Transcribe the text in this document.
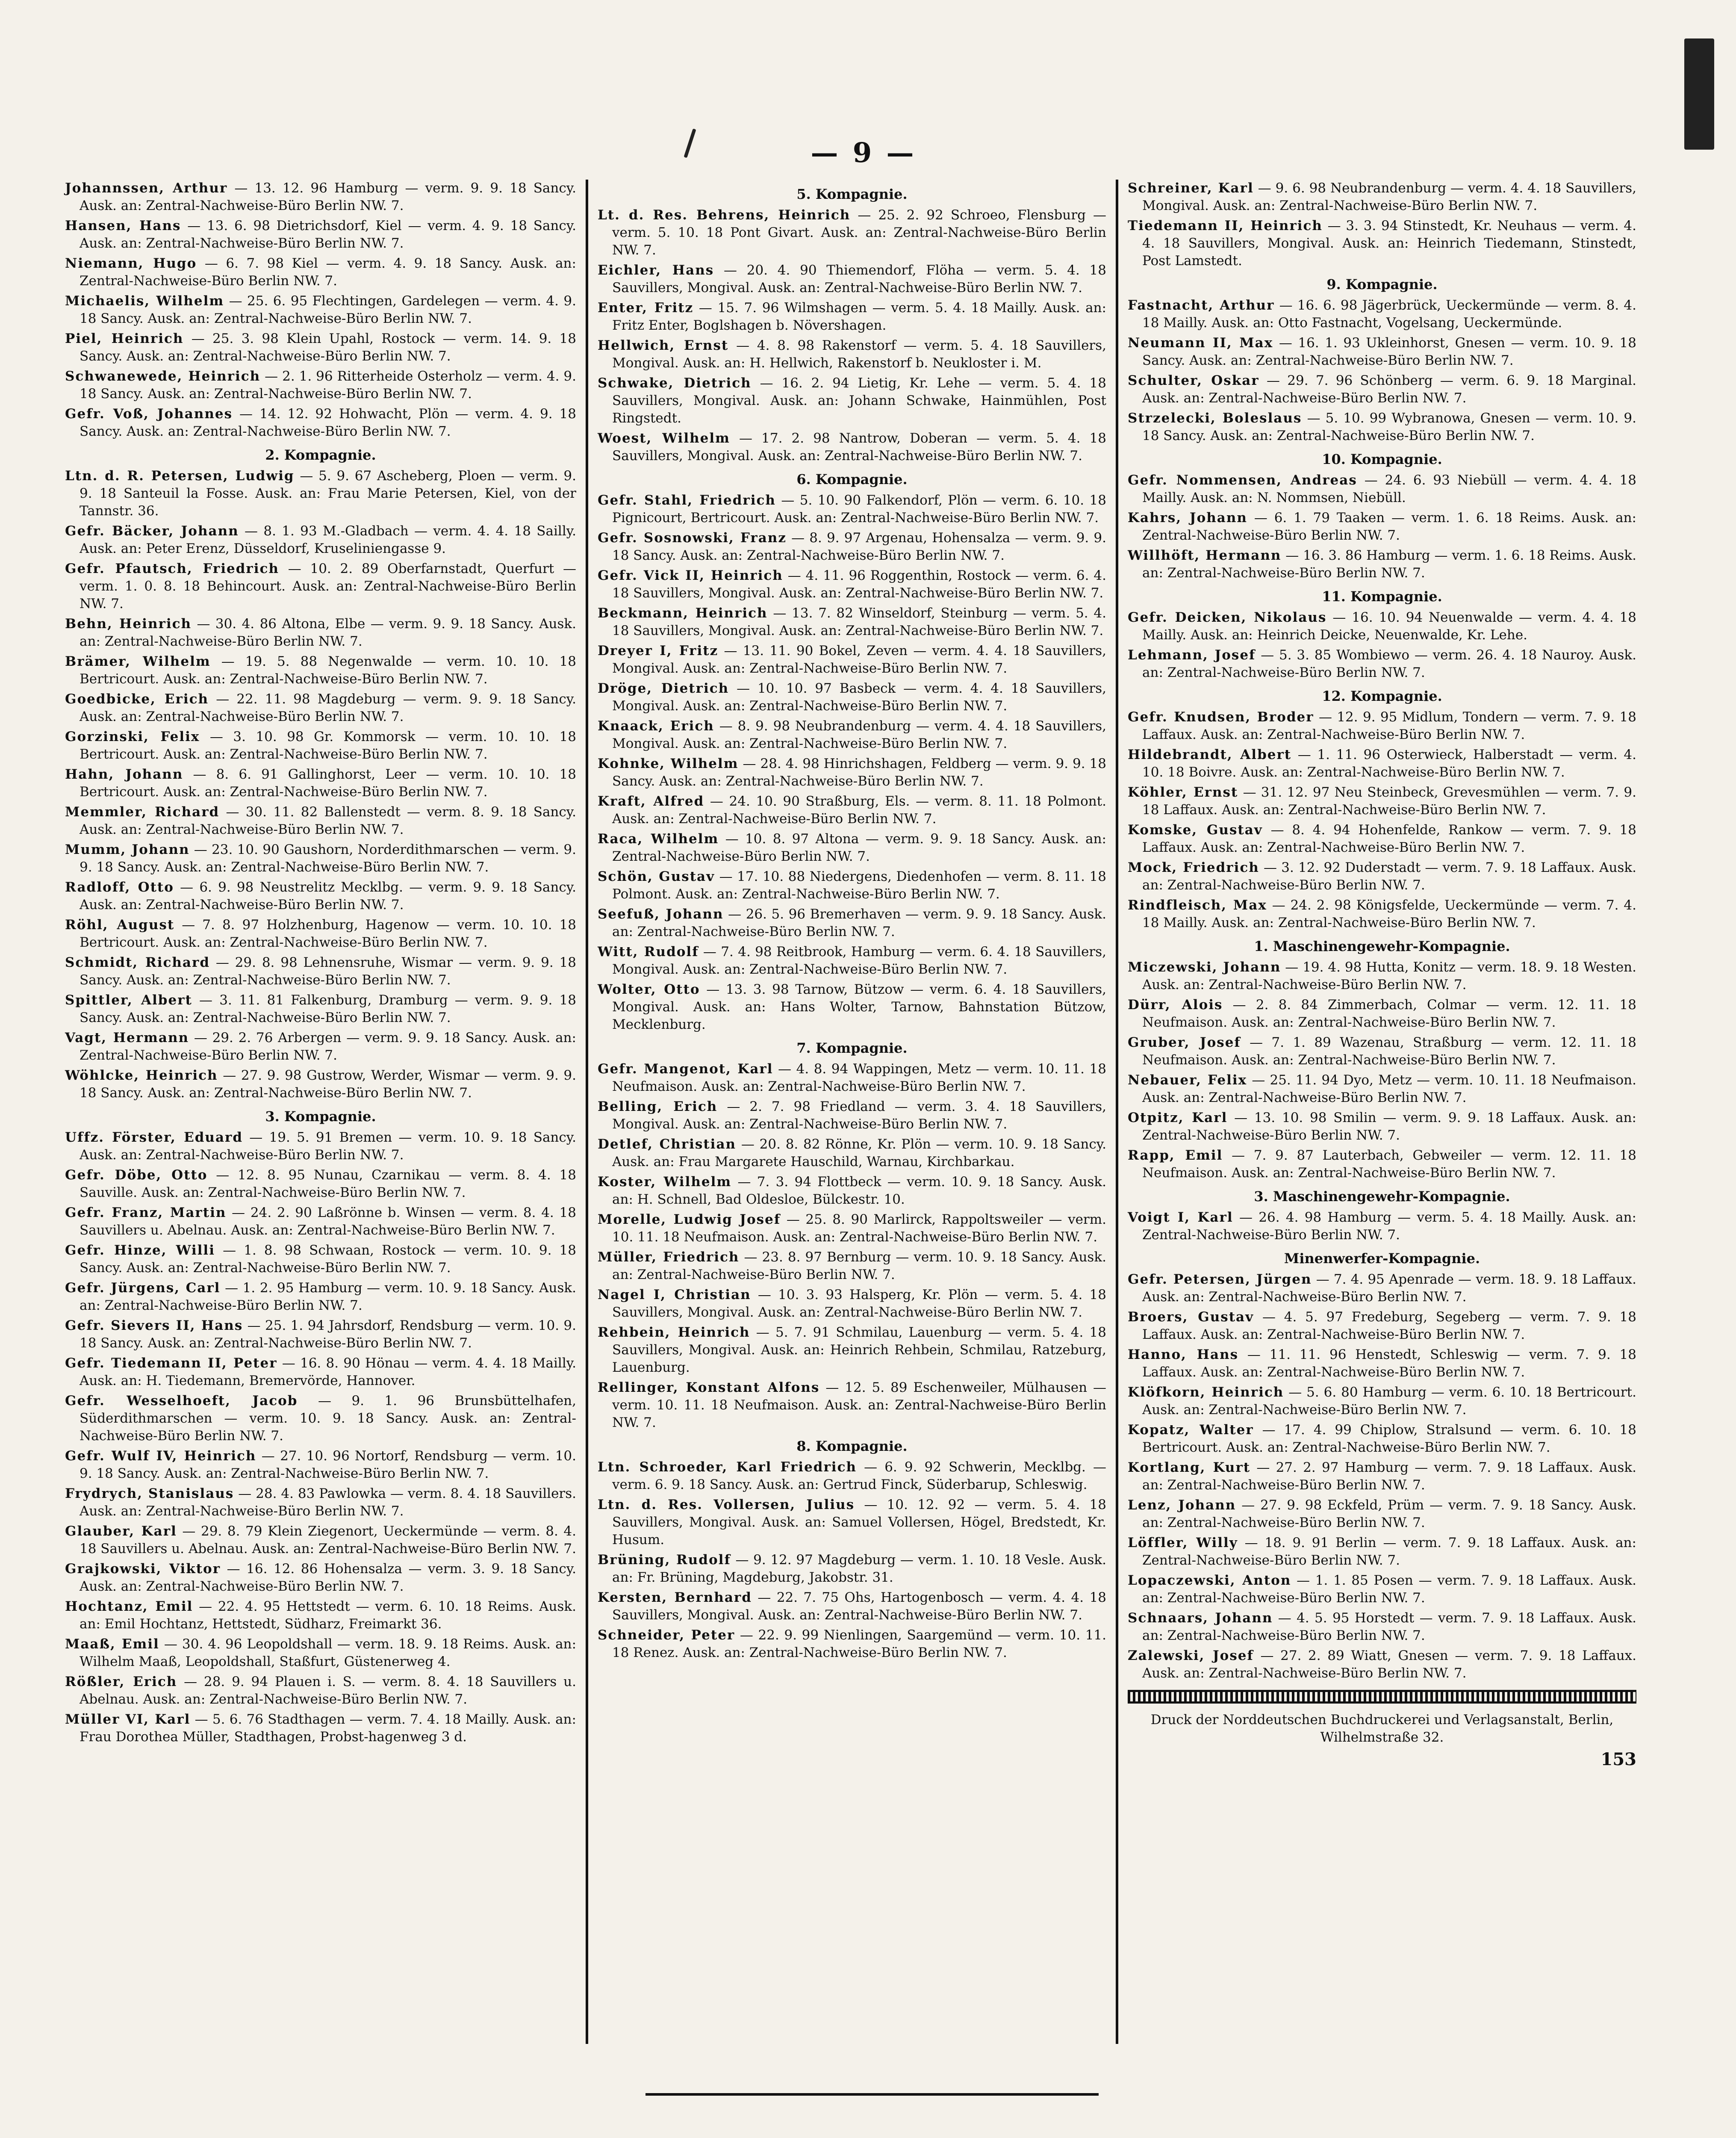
— 9 —
Johannssen, Arthur — 13. 12. 96 Hamburg — verm. 9. 9. 18 Sancy. Ausk. an: Zentral-Nachweise-Büro Berlin NW. 7.
Hansen, Hans — 13. 6. 98 Dietrichsdorf, Kiel — verm. 4. 9. 18 Sancy. Ausk. an: Zentral-Nachweise-Büro Berlin NW. 7.
Niemann, Hugo — 6. 7. 98 Kiel — verm. 4. 9. 18 Sancy. Ausk. an: Zentral-Nachweise-Büro Berlin NW. 7.
Michaelis, Wilhelm — 25. 6. 95 Flechtingen, Gardelegen — verm. 4. 9. 18 Sancy. Ausk. an: Zentral-Nachweise-Büro Berlin NW. 7.
Piel, Heinrich — 25. 3. 98 Klein Upahl, Rostock — verm. 14. 9. 18 Sancy. Ausk. an: Zentral-Nachweise-Büro Berlin NW. 7.
Schwanewede, Heinrich — 2. 1. 96 Ritterheide Osterholz — verm. 4. 9. 18 Sancy. Ausk. an: Zentral-Nachweise-Büro Berlin NW. 7.
Gefr. Voß, Johannes — 14. 12. 92 Hohwacht, Plön — verm. 4. 9. 18 Sancy. Ausk. an: Zentral-Nachweise-Büro Berlin NW. 7.
2. Kompagnie.
Ltn. d. R. Petersen, Ludwig — 5. 9. 67 Ascheberg, Ploen — verm. 9. 9. 18 Santeuil la Fosse. Ausk. an: Frau Marie Petersen, Kiel, von der Tannstr. 36.
Gefr. Bäcker, Johann — 8. 1. 93 M.-Gladbach — verm. 4. 4. 18 Sailly. Ausk. an: Peter Erenz, Düsseldorf, Kruseliniengasse 9.
Gefr. Pfautsch, Friedrich — 10. 2. 89 Oberfarnstadt, Querfurt — verm. 1. 0. 8. 18 Behincourt. Ausk. an: Zentral-Nachweise-Büro Berlin NW. 7.
Behn, Heinrich — 30. 4. 86 Altona, Elbe — verm. 9. 9. 18 Sancy. Ausk. an: Zentral-Nachweise-Büro Berlin NW. 7.
Brämer, Wilhelm — 19. 5. 88 Negenwalde — verm. 10. 10. 18 Bertricourt. Ausk. an: Zentral-Nachweise-Büro Berlin NW. 7.
Goedbicke, Erich — 22. 11. 98 Magdeburg — verm. 9. 9. 18 Sancy. Ausk. an: Zentral-Nachweise-Büro Berlin NW. 7.
Gorzinski, Felix — 3. 10. 98 Gr. Kommorsk — verm. 10. 10. 18 Bertricourt. Ausk. an: Zentral-Nachweise-Büro Berlin NW. 7.
Hahn, Johann — 8. 6. 91 Gallinghorst, Leer — verm. 10. 10. 18 Bertricourt. Ausk. an: Zentral-Nachweise-Büro Berlin NW. 7.
Memmler, Richard — 30. 11. 82 Ballenstedt — verm. 8. 9. 18 Sancy. Ausk. an: Zentral-Nachweise-Büro Berlin NW. 7.
Mumm, Johann — 23. 10. 90 Gaushorn, Norderdithmarschen — verm. 9. 9. 18 Sancy. Ausk. an: Zentral-Nachweise-Büro Berlin NW. 7.
Radloff, Otto — 6. 9. 98 Neustrelitz Mecklbg. — verm. 9. 9. 18 Sancy. Ausk. an: Zentral-Nachweise-Büro Berlin NW. 7.
Röhl, August — 7. 8. 97 Holzhenburg, Hagenow — verm. 10. 10. 18 Bertricourt. Ausk. an: Zentral-Nachweise-Büro Berlin NW. 7.
Schmidt, Richard — 29. 8. 98 Lehnensruhe, Wismar — verm. 9. 9. 18 Sancy. Ausk. an: Zentral-Nachweise-Büro Berlin NW. 7.
Spittler, Albert — 3. 11. 81 Falkenburg, Dramburg — verm. 9. 9. 18 Sancy. Ausk. an: Zentral-Nachweise-Büro Berlin NW. 7.
Vagt, Hermann — 29. 2. 76 Arbergen — verm. 9. 9. 18 Sancy. Ausk. an: Zentral-Nachweise-Büro Berlin NW. 7.
Wöhlcke, Heinrich — 27. 9. 98 Gustrow, Werder, Wismar — verm. 9. 9. 18 Sancy. Ausk. an: Zentral-Nachweise-Büro Berlin NW. 7.
3. Kompagnie.
Uffz. Förster, Eduard — 19. 5. 91 Bremen — verm. 10. 9. 18 Sancy. Ausk. an: Zentral-Nachweise-Büro Berlin NW. 7.
Gefr. Döbe, Otto — 12. 8. 95 Nunau, Czarnikau — verm. 8. 4. 18 Sauville. Ausk. an: Zentral-Nachweise-Büro Berlin NW. 7.
Gefr. Franz, Martin — 24. 2. 90 Laßrönne b. Winsen — verm. 8. 4. 18 Sauvillers u. Abelnau. Ausk. an: Zentral-Nachweise-Büro Berlin NW. 7.
Gefr. Hinze, Willi — 1. 8. 98 Schwaan, Rostock — verm. 10. 9. 18 Sancy. Ausk. an: Zentral-Nachweise-Büro Berlin NW. 7.
Gefr. Jürgens, Carl — 1. 2. 95 Hamburg — verm. 10. 9. 18 Sancy. Ausk. an: Zentral-Nachweise-Büro Berlin NW. 7.
Gefr. Sievers II, Hans — 25. 1. 94 Jahrsdorf, Rendsburg — verm. 10. 9. 18 Sancy. Ausk. an: Zentral-Nachweise-Büro Berlin NW. 7.
Gefr. Tiedemann II, Peter — 16. 8. 90 Hönau — verm. 4. 4. 18 Mailly. Ausk. an: H. Tiedemann, Bremervörde, Hannover.
Gefr. Wesselhoeft, Jacob — 9. 1. 96 Brunsbüttelhafen, Süderdithmarschen — verm. 10. 9. 18 Sancy. Ausk. an: Zentral-Nachweise-Büro Berlin NW. 7.
Gefr. Wulf IV, Heinrich — 27. 10. 96 Nortorf, Rendsburg — verm. 10. 9. 18 Sancy. Ausk. an: Zentral-Nachweise-Büro Berlin NW. 7.
Frydrych, Stanislaus — 28. 4. 83 Pawlowka — verm. 8. 4. 18 Sauvillers. Ausk. an: Zentral-Nachweise-Büro Berlin NW. 7.
Glauber, Karl — 29. 8. 79 Klein Ziegenort, Ueckermünde — verm. 8. 4. 18 Sauvillers u. Abelnau. Ausk. an: Zentral-Nachweise-Büro Berlin NW. 7.
Grajkowski, Viktor — 16. 12. 86 Hohensalza — verm. 3. 9. 18 Sancy. Ausk. an: Zentral-Nachweise-Büro Berlin NW. 7.
Hochtanz, Emil — 22. 4. 95 Hettstedt — verm. 6. 10. 18 Reims. Ausk. an: Emil Hochtanz, Hettstedt, Südharz, Freimarkt 36.
Maaß, Emil — 30. 4. 96 Leopoldshall — verm. 18. 9. 18 Reims. Ausk. an: Wilhelm Maaß, Leopoldshall, Staßfurt, Güstenerweg 4.
Rößler, Erich — 28. 9. 94 Plauen i. S. — verm. 8. 4. 18 Sauvillers u. Abelnau. Ausk. an: Zentral-Nachweise-Büro Berlin NW. 7.
Müller VI, Karl — 5. 6. 76 Stadthagen — verm. 7. 4. 18 Mailly. Ausk. an: Frau Dorothea Müller, Stadthagen, Probst-hagenweg 3 d.
5. Kompagnie.
Lt. d. Res. Behrens, Heinrich — 25. 2. 92 Schroeo, Flensburg — verm. 5. 10. 18 Pont Givart. Ausk. an: Zentral-Nachweise-Büro Berlin NW. 7.
Eichler, Hans — 20. 4. 90 Thiemendorf, Flöha — verm. 5. 4. 18 Sauvillers, Mongival. Ausk. an: Zentral-Nachweise-Büro Berlin NW. 7.
Enter, Fritz — 15. 7. 96 Wilmshagen — verm. 5. 4. 18 Mailly. Ausk. an: Fritz Enter, Boglshagen b. Növershagen.
Hellwich, Ernst — 4. 8. 98 Rakenstorf — verm. 5. 4. 18 Sauvillers, Mongival. Ausk. an: H. Hellwich, Rakenstorf b. Neukloster i. M.
Schwake, Dietrich — 16. 2. 94 Lietig, Kr. Lehe — verm. 5. 4. 18 Sauvillers, Mongival. Ausk. an: Johann Schwake, Hainmühlen, Post Ringstedt.
Woest, Wilhelm — 17. 2. 98 Nantrow, Doberan — verm. 5. 4. 18 Sauvillers, Mongival. Ausk. an: Zentral-Nachweise-Büro Berlin NW. 7.
6. Kompagnie.
Gefr. Stahl, Friedrich — 5. 10. 90 Falkendorf, Plön — verm. 6. 10. 18 Pignicourt, Bertricourt. Ausk. an: Zentral-Nachweise-Büro Berlin NW. 7.
Gefr. Sosnowski, Franz — 8. 9. 97 Argenau, Hohensalza — verm. 9. 9. 18 Sancy. Ausk. an: Zentral-Nachweise-Büro Berlin NW. 7.
Gefr. Vick II, Heinrich — 4. 11. 96 Roggenthin, Rostock — verm. 6. 4. 18 Sauvillers, Mongival. Ausk. an: Zentral-Nachweise-Büro Berlin NW. 7.
Beckmann, Heinrich — 13. 7. 82 Winseldorf, Steinburg — verm. 5. 4. 18 Sauvillers, Mongival. Ausk. an: Zentral-Nachweise-Büro Berlin NW. 7.
Dreyer I, Fritz — 13. 11. 90 Bokel, Zeven — verm. 4. 4. 18 Sauvillers, Mongival. Ausk. an: Zentral-Nachweise-Büro Berlin NW. 7.
Dröge, Dietrich — 10. 10. 97 Basbeck — verm. 4. 4. 18 Sauvillers, Mongival. Ausk. an: Zentral-Nachweise-Büro Berlin NW. 7.
Knaack, Erich — 8. 9. 98 Neubrandenburg — verm. 4. 4. 18 Sauvillers, Mongival. Ausk. an: Zentral-Nachweise-Büro Berlin NW. 7.
Kohnke, Wilhelm — 28. 4. 98 Hinrichshagen, Feldberg — verm. 9. 9. 18 Sancy. Ausk. an: Zentral-Nachweise-Büro Berlin NW. 7.
Kraft, Alfred — 24. 10. 90 Straßburg, Els. — verm. 8. 11. 18 Polmont. Ausk. an: Zentral-Nachweise-Büro Berlin NW. 7.
Raca, Wilhelm — 10. 8. 97 Altona — verm. 9. 9. 18 Sancy. Ausk. an: Zentral-Nachweise-Büro Berlin NW. 7.
Schön, Gustav — 17. 10. 88 Niedergens, Diedenhofen — verm. 8. 11. 18 Polmont. Ausk. an: Zentral-Nachweise-Büro Berlin NW. 7.
Seefuß, Johann — 26. 5. 96 Bremerhaven — verm. 9. 9. 18 Sancy. Ausk. an: Zentral-Nachweise-Büro Berlin NW. 7.
Witt, Rudolf — 7. 4. 98 Reitbrook, Hamburg — verm. 6. 4. 18 Sauvillers, Mongival. Ausk. an: Zentral-Nachweise-Büro Berlin NW. 7.
Wolter, Otto — 13. 3. 98 Tarnow, Bützow — verm. 6. 4. 18 Sauvillers, Mongival. Ausk. an: Hans Wolter, Tarnow, Bahnstation Bützow, Mecklenburg.
7. Kompagnie.
Gefr. Mangenot, Karl — 4. 8. 94 Wappingen, Metz — verm. 10. 11. 18 Neufmaison. Ausk. an: Zentral-Nachweise-Büro Berlin NW. 7.
Belling, Erich — 2. 7. 98 Friedland — verm. 3. 4. 18 Sauvillers, Mongival. Ausk. an: Zentral-Nachweise-Büro Berlin NW. 7.
Detlef, Christian — 20. 8. 82 Rönne, Kr. Plön — verm. 10. 9. 18 Sancy. Ausk. an: Frau Margarete Hauschild, Warnau, Kirchbarkau.
Koster, Wilhelm — 7. 3. 94 Flottbeck — verm. 10. 9. 18 Sancy. Ausk. an: H. Schnell, Bad Oldesloe, Bülckestr. 10.
Morelle, Ludwig Josef — 25. 8. 90 Marlirck, Rappoltsweiler — verm. 10. 11. 18 Neufmaison. Ausk. an: Zentral-Nachweise-Büro Berlin NW. 7.
Müller, Friedrich — 23. 8. 97 Bernburg — verm. 10. 9. 18 Sancy. Ausk. an: Zentral-Nachweise-Büro Berlin NW. 7.
Nagel I, Christian — 10. 3. 93 Halsperg, Kr. Plön — verm. 5. 4. 18 Sauvillers, Mongival. Ausk. an: Zentral-Nachweise-Büro Berlin NW. 7.
Rehbein, Heinrich — 5. 7. 91 Schmilau, Lauenburg — verm. 5. 4. 18 Sauvillers, Mongival. Ausk. an: Heinrich Rehbein, Schmilau, Ratzeburg, Lauenburg.
Rellinger, Konstant Alfons — 12. 5. 89 Eschenweiler, Mülhausen — verm. 10. 11. 18 Neufmaison. Ausk. an: Zentral-Nachweise-Büro Berlin NW. 7.
8. Kompagnie.
Ltn. Schroeder, Karl Friedrich — 6. 9. 92 Schwerin, Mecklbg. — verm. 6. 9. 18 Sancy. Ausk. an: Gertrud Finck, Süderbarup, Schleswig.
Ltn. d. Res. Vollersen, Julius — 10. 12. 92 — verm. 5. 4. 18 Sauvillers, Mongival. Ausk. an: Samuel Vollersen, Högel, Bredstedt, Kr. Husum.
Brüning, Rudolf — 9. 12. 97 Magdeburg — verm. 1. 10. 18 Vesle. Ausk. an: Fr. Brüning, Magdeburg, Jakobstr. 31.
Kersten, Bernhard — 22. 7. 75 Ohs, Hartogenbosch — verm. 4. 4. 18 Sauvillers, Mongival. Ausk. an: Zentral-Nachweise-Büro Berlin NW. 7.
Schneider, Peter — 22. 9. 99 Nienlingen, Saargemünd — verm. 10. 11. 18 Renez. Ausk. an: Zentral-Nachweise-Büro Berlin NW. 7.
Schreiner, Karl — 9. 6. 98 Neubrandenburg — verm. 4. 4. 18 Sauvillers, Mongival. Ausk. an: Zentral-Nachweise-Büro Berlin NW. 7.
Tiedemann II, Heinrich — 3. 3. 94 Stinstedt, Kr. Neuhaus — verm. 4. 4. 18 Sauvillers, Mongival. Ausk. an: Heinrich Tiedemann, Stinstedt, Post Lamstedt.
9. Kompagnie.
Fastnacht, Arthur — 16. 6. 98 Jägerbrück, Ueckermünde — verm. 8. 4. 18 Mailly. Ausk. an: Otto Fastnacht, Vogelsang, Ueckermünde.
Neumann II, Max — 16. 1. 93 Ukleinhorst, Gnesen — verm. 10. 9. 18 Sancy. Ausk. an: Zentral-Nachweise-Büro Berlin NW. 7.
Schulter, Oskar — 29. 7. 96 Schönberg — verm. 6. 9. 18 Marginal. Ausk. an: Zentral-Nachweise-Büro Berlin NW. 7.
Strzelecki, Boleslaus — 5. 10. 99 Wybranowa, Gnesen — verm. 10. 9. 18 Sancy. Ausk. an: Zentral-Nachweise-Büro Berlin NW. 7.
10. Kompagnie.
Gefr. Nommensen, Andreas — 24. 6. 93 Niebüll — verm. 4. 4. 18 Mailly. Ausk. an: N. Nommsen, Niebüll.
Kahrs, Johann — 6. 1. 79 Taaken — verm. 1. 6. 18 Reims. Ausk. an: Zentral-Nachweise-Büro Berlin NW. 7.
Willhöft, Hermann — 16. 3. 86 Hamburg — verm. 1. 6. 18 Reims. Ausk. an: Zentral-Nachweise-Büro Berlin NW. 7.
11. Kompagnie.
Gefr. Deicken, Nikolaus — 16. 10. 94 Neuenwalde — verm. 4. 4. 18 Mailly. Ausk. an: Heinrich Deicke, Neuenwalde, Kr. Lehe.
Lehmann, Josef — 5. 3. 85 Wombiewo — verm. 26. 4. 18 Nauroy. Ausk. an: Zentral-Nachweise-Büro Berlin NW. 7.
12. Kompagnie.
Gefr. Knudsen, Broder — 12. 9. 95 Midlum, Tondern — verm. 7. 9. 18 Laffaux. Ausk. an: Zentral-Nachweise-Büro Berlin NW. 7.
Hildebrandt, Albert — 1. 11. 96 Osterwieck, Halberstadt — verm. 4. 10. 18 Boivre. Ausk. an: Zentral-Nachweise-Büro Berlin NW. 7.
Köhler, Ernst — 31. 12. 97 Neu Steinbeck, Grevesmühlen — verm. 7. 9. 18 Laffaux. Ausk. an: Zentral-Nachweise-Büro Berlin NW. 7.
Komske, Gustav — 8. 4. 94 Hohenfelde, Rankow — verm. 7. 9. 18 Laffaux. Ausk. an: Zentral-Nachweise-Büro Berlin NW. 7.
Mock, Friedrich — 3. 12. 92 Duderstadt — verm. 7. 9. 18 Laffaux. Ausk. an: Zentral-Nachweise-Büro Berlin NW. 7.
Rindfleisch, Max — 24. 2. 98 Königsfelde, Ueckermünde — verm. 7. 4. 18 Mailly. Ausk. an: Zentral-Nachweise-Büro Berlin NW. 7.
1. Maschinengewehr-Kompagnie.
Miczewski, Johann — 19. 4. 98 Hutta, Konitz — verm. 18. 9. 18 Westen. Ausk. an: Zentral-Nachweise-Büro Berlin NW. 7.
Dürr, Alois — 2. 8. 84 Zimmerbach, Colmar — verm. 12. 11. 18 Neufmaison. Ausk. an: Zentral-Nachweise-Büro Berlin NW. 7.
Gruber, Josef — 7. 1. 89 Wazenau, Straßburg — verm. 12. 11. 18 Neufmaison. Ausk. an: Zentral-Nachweise-Büro Berlin NW. 7.
Nebauer, Felix — 25. 11. 94 Dyo, Metz — verm. 10. 11. 18 Neufmaison. Ausk. an: Zentral-Nachweise-Büro Berlin NW. 7.
Otpitz, Karl — 13. 10. 98 Smilin — verm. 9. 9. 18 Laffaux. Ausk. an: Zentral-Nachweise-Büro Berlin NW. 7.
Rapp, Emil — 7. 9. 87 Lauterbach, Gebweiler — verm. 12. 11. 18 Neufmaison. Ausk. an: Zentral-Nachweise-Büro Berlin NW. 7.
3. Maschinengewehr-Kompagnie.
Voigt I, Karl — 26. 4. 98 Hamburg — verm. 5. 4. 18 Mailly. Ausk. an: Zentral-Nachweise-Büro Berlin NW. 7.
Minenwerfer-Kompagnie.
Gefr. Petersen, Jürgen — 7. 4. 95 Apenrade — verm. 18. 9. 18 Laffaux. Ausk. an: Zentral-Nachweise-Büro Berlin NW. 7.
Broers, Gustav — 4. 5. 97 Fredeburg, Segeberg — verm. 7. 9. 18 Laffaux. Ausk. an: Zentral-Nachweise-Büro Berlin NW. 7.
Hanno, Hans — 11. 11. 96 Henstedt, Schleswig — verm. 7. 9. 18 Laffaux. Ausk. an: Zentral-Nachweise-Büro Berlin NW. 7.
Klöfkorn, Heinrich — 5. 6. 80 Hamburg — verm. 6. 10. 18 Bertricourt. Ausk. an: Zentral-Nachweise-Büro Berlin NW. 7.
Kopatz, Walter — 17. 4. 99 Chiplow, Stralsund — verm. 6. 10. 18 Bertricourt. Ausk. an: Zentral-Nachweise-Büro Berlin NW. 7.
Kortlang, Kurt — 27. 2. 97 Hamburg — verm. 7. 9. 18 Laffaux. Ausk. an: Zentral-Nachweise-Büro Berlin NW. 7.
Lenz, Johann — 27. 9. 98 Eckfeld, Prüm — verm. 7. 9. 18 Sancy. Ausk. an: Zentral-Nachweise-Büro Berlin NW. 7.
Löffler, Willy — 18. 9. 91 Berlin — verm. 7. 9. 18 Laffaux. Ausk. an: Zentral-Nachweise-Büro Berlin NW. 7.
Lopaczewski, Anton — 1. 1. 85 Posen — verm. 7. 9. 18 Laffaux. Ausk. an: Zentral-Nachweise-Büro Berlin NW. 7.
Schnaars, Johann — 4. 5. 95 Horstedt — verm. 7. 9. 18 Laffaux. Ausk. an: Zentral-Nachweise-Büro Berlin NW. 7.
Zalewski, Josef — 27. 2. 89 Wiatt, Gnesen — verm. 7. 9. 18 Laffaux. Ausk. an: Zentral-Nachweise-Büro Berlin NW. 7.
Druck der Norddeutschen Buchdruckerei und Verlagsanstalt, Berlin, Wilhelmstraße 32.
153
